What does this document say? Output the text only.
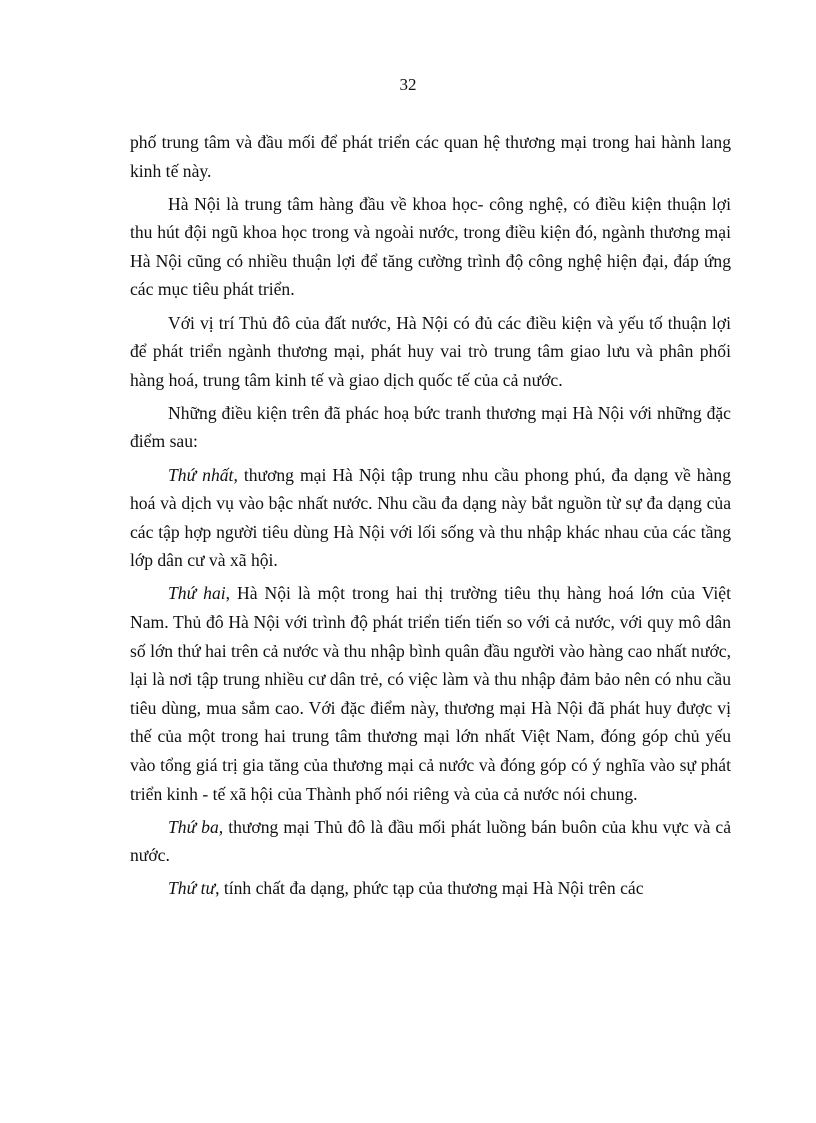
32

phố trung tâm và đầu mối để phát triển các quan hệ thương mại trong hai hành lang kinh tế này.

Hà Nội là trung tâm hàng đầu về khoa học- công nghệ, có điều kiện thuận lợi thu hút đội ngũ khoa học trong và ngoài nước, trong điều kiện đó, ngành thương mại Hà Nội cũng có nhiều thuận lợi để tăng cường trình độ công nghệ hiện đại, đáp ứng các mục tiêu phát triển.

Với vị trí Thủ đô của đất nước, Hà Nội có đủ các điều kiện và yếu tố thuận lợi để phát triển ngành thương mại, phát huy vai trò trung tâm giao lưu và phân phối hàng hoá, trung tâm kinh tế và giao dịch quốc tế của cả nước.

Những điều kiện trên đã phác hoạ bức tranh thương mại Hà Nội với những đặc điểm sau:

Thứ nhất, thương mại Hà Nội tập trung nhu cầu phong phú, đa dạng về hàng hoá và dịch vụ vào bậc nhất nước. Nhu cầu đa dạng này bắt nguồn từ sự đa dạng của các tập hợp người tiêu dùng Hà Nội với lối sống và thu nhập khác nhau của các tầng lớp dân cư và xã hội.

Thứ hai, Hà Nội là một trong hai thị trường tiêu thụ hàng hoá lớn của Việt Nam. Thủ đô Hà Nội với trình độ phát triển tiến tiến so với cả nước, với quy mô dân số lớn thứ hai trên cả nước và thu nhập bình quân đầu người vào hàng cao nhất nước, lại là nơi tập trung nhiều cư dân trẻ, có việc làm và thu nhập đảm bảo nên có nhu cầu tiêu dùng, mua sắm cao. Với đặc điểm này, thương mại Hà Nội đã phát huy được vị thế của một trong hai trung tâm thương mại lớn nhất Việt Nam, đóng góp chủ yếu vào tổng giá trị gia tăng của thương mại cả nước và đóng góp có ý nghĩa vào sự phát triển kinh - tế xã hội của Thành phố nói riêng và của cả nước nói chung.

Thứ ba, thương mại Thủ đô là đầu mối phát luồng bán buôn của khu vực và cả nước.

Thứ tư, tính chất đa dạng, phức tạp của thương mại Hà Nội trên các
